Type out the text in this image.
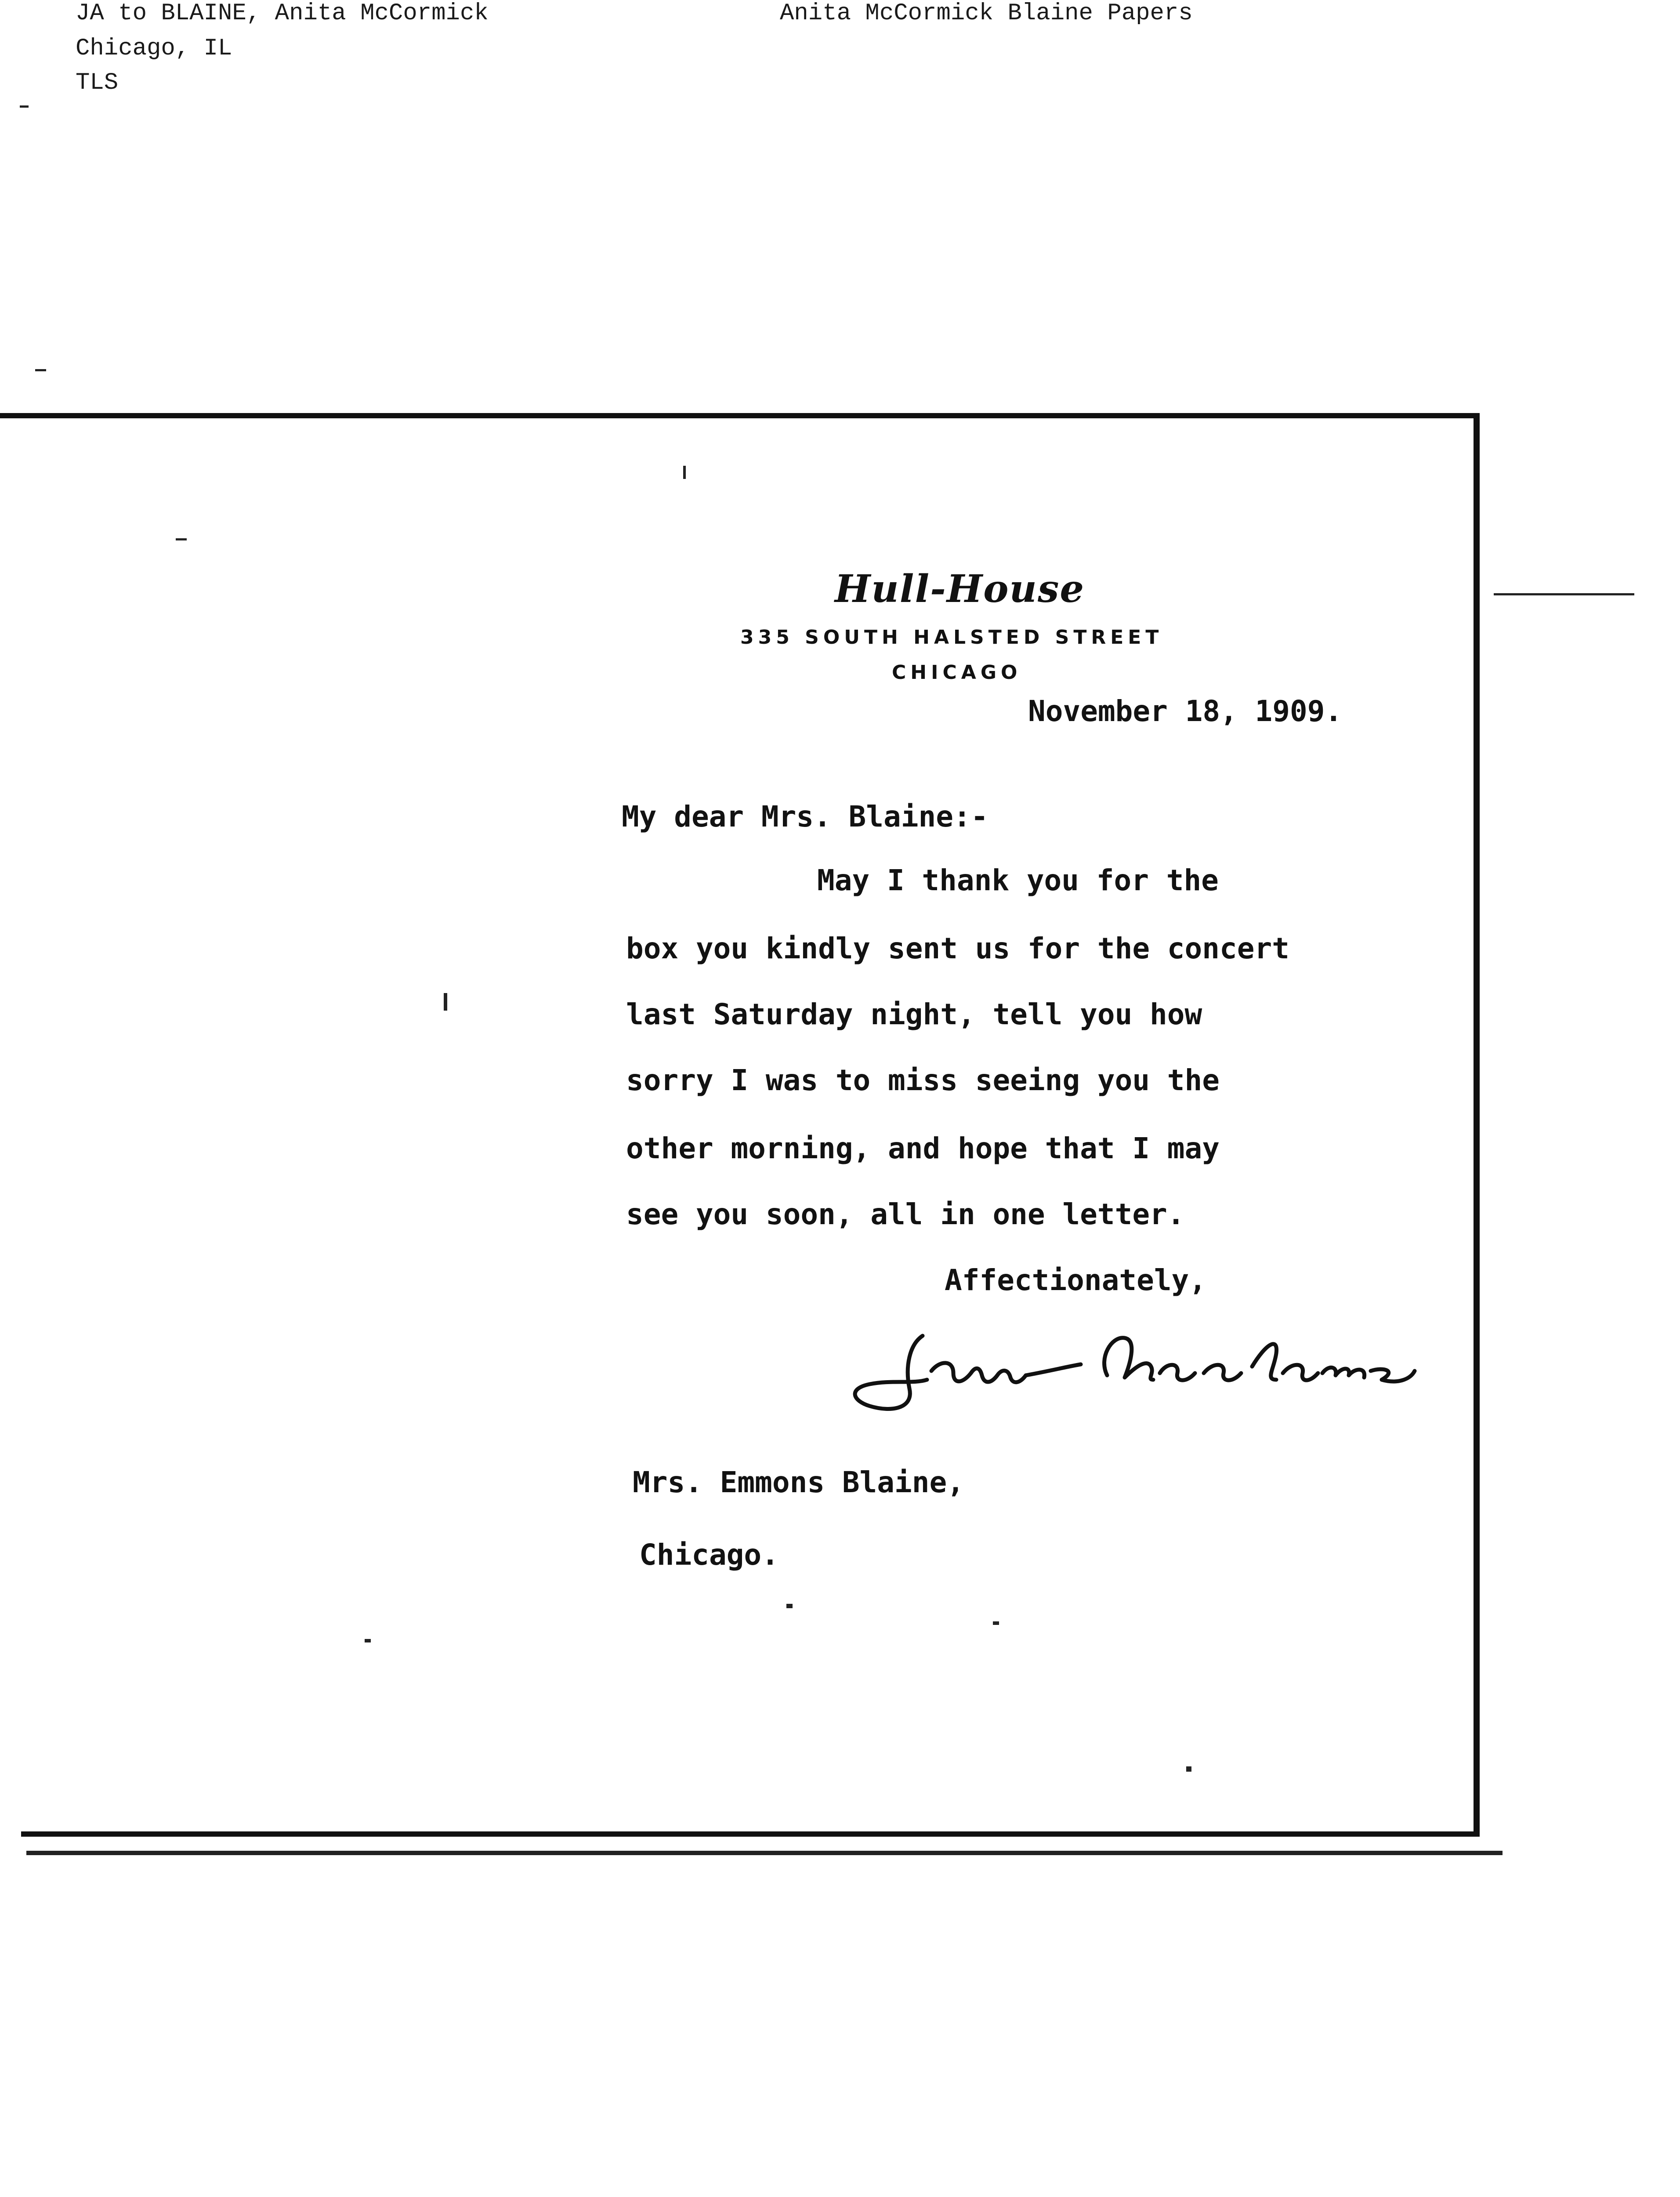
JA to BLAINE, Anita McCormick
Chicago, IL
TLS
Anita McCormick Blaine Papers
Hull-House
335 SOUTH HALSTED STREET
CHICAGO
November 18, 1909.
My dear Mrs. Blaine:-
May I thank you for the
box you kindly sent us for the concert
last Saturday night, tell you how
sorry I was to miss seeing you the
other morning, and hope that I may
see you soon, all in one letter.
Affectionately,
Mrs. Emmons Blaine,
Chicago.
